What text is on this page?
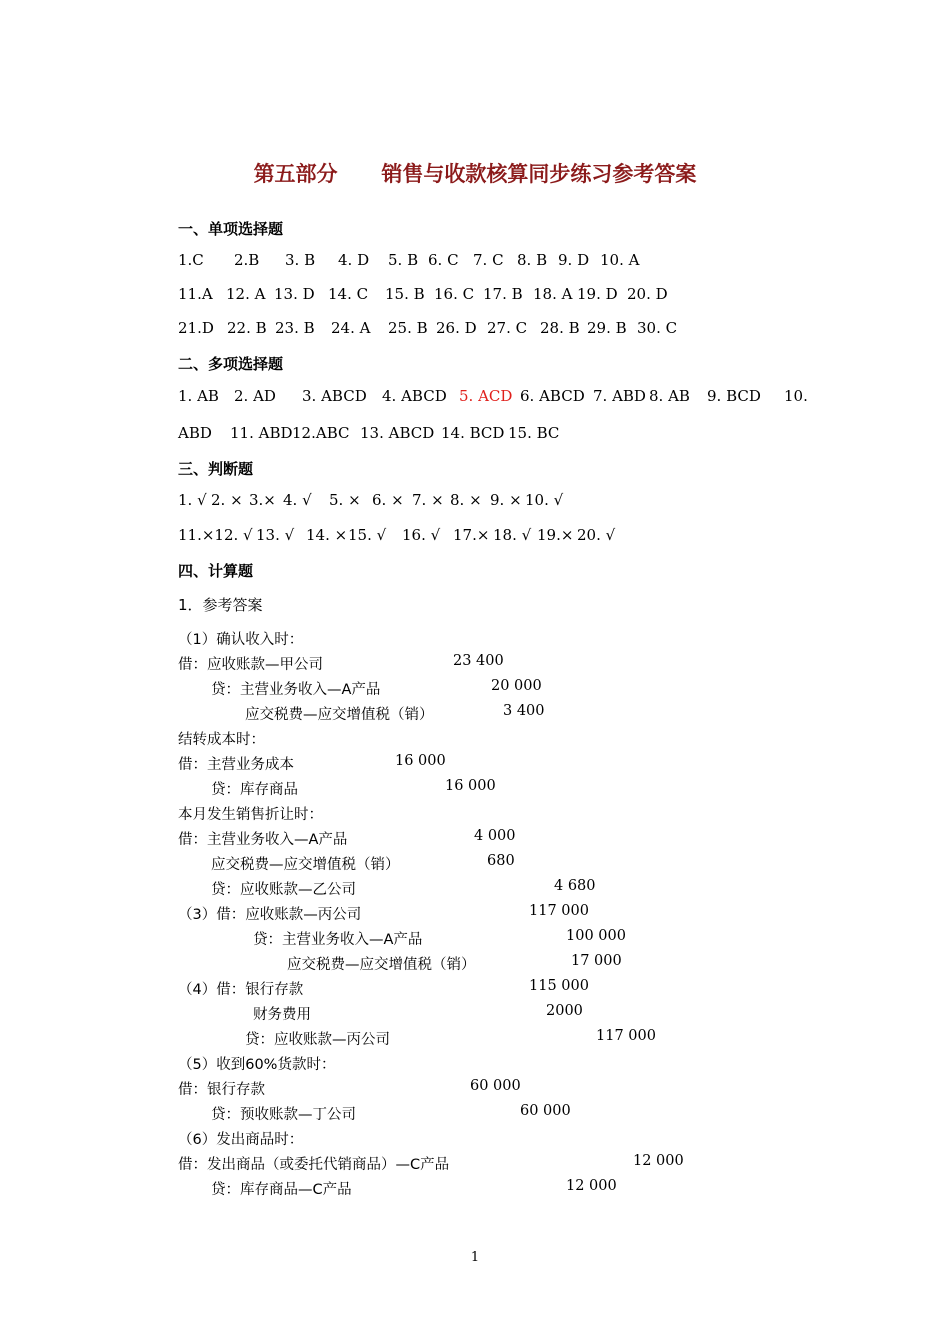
第五部分      销售与收款核算同步练习参考答案
一、单项选择题
1.C 2.B 3. B 4. D 5. B 6. C 7. C 8. B 9. D 10. A
11.A 12. A 13. D 14. C 15. B 16. C 17. B 18. A 19. D 20. D
21.D 22. B 23. B 24. A 25. B 26. D 27. C 28. B 29. B 30. C
二、多项选择题
1. AB 2. AD 3. ABCD 4. ABCD 5. ACD 6. ABCD 7. ABD 8. AB 9. BCD 10.
ABD 11. ABD12.ABC 13. ABCD 14. BCD 15. BC
三、判断题
1. √ 2. × 3.× 4. √ 5. × 6. × 7. × 8. × 9. × 10. √
11.×12. √ 13. √ 14. ×15. √ 16. √ 17.× 18. √ 19.× 20. √
四、计算题
1．参考答案
（1）确认收入时：
借：应收账款—甲公司	23 400
贷：主营业务收入—A产品	20 000
应交税费—应交增值税（销）	3 400
结转成本时：
借：主营业务成本	16 000
贷：库存商品	16 000
本月发生销售折让时：
借：主营业务收入—A产品	4 000
应交税费—应交增值税（销）	680
贷：应收账款—乙公司	4 680
（3）借：应收账款—丙公司	117 000
贷：主营业务收入—A产品	100 000
应交税费—应交增值税（销）	17 000
（4）借：银行存款	115 000
财务费用	2000
贷：应收账款—丙公司	117 000
（5）收到60%货款时：
借：银行存款	60 000
贷：预收账款—丁公司	60 000
（6）发出商品时：
借：发出商品（或委托代销商品）—C产品	12 000
贷：库存商品—C产品	12 000
1
